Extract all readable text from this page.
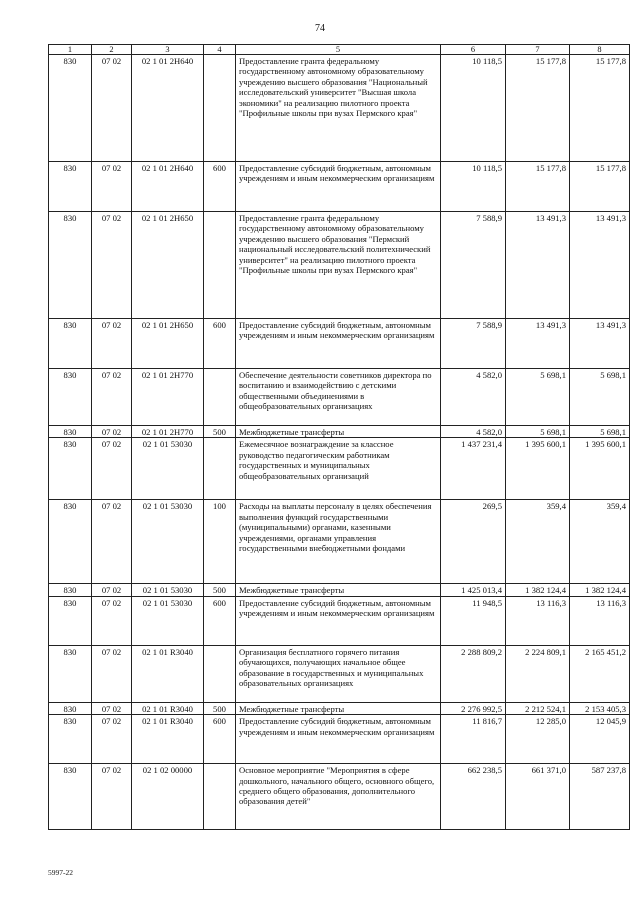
74
1	2	3	4	5	6	7	8
830	07 02	02 1 01 2Н640		Предоставление гранта федеральному государственному автономному образовательному учреждению высшего образования "Национальный исследовательский университет "Высшая школа экономики" на реализацию пилотного проекта "Профильные школы при вузах Пермского края"	10 118,5	15 177,8	15 177,8
830	07 02	02 1 01 2Н640	600	Предоставление субсидий бюджетным, автономным учреждениям и иным некоммерческим организациям	10 118,5	15 177,8	15 177,8
830	07 02	02 1 01 2Н650		Предоставление гранта федеральному государственному автономному образовательному учреждению высшего образования "Пермский национальный исследовательский политехнический университет" на реализацию пилотного проекта "Профильные школы при вузах Пермского края"	7 588,9	13 491,3	13 491,3
830	07 02	02 1 01 2Н650	600	Предоставление субсидий бюджетным, автономным учреждениям и иным некоммерческим организациям	7 588,9	13 491,3	13 491,3
830	07 02	02 1 01 2Н770		Обеспечение деятельности советников директора по воспитанию и взаимодействию с детскими общественными объединениями в общеобразовательных организациях	4 582,0	5 698,1	5 698,1
830	07 02	02 1 01 2Н770	500	Межбюджетные трансферты	4 582,0	5 698,1	5 698,1
830	07 02	02 1 01 53030		Ежемесячное вознаграждение за классное руководство педагогическим работникам государственных и муниципальных общеобразовательных организаций	1 437 231,4	1 395 600,1	1 395 600,1
830	07 02	02 1 01 53030	100	Расходы на выплаты персоналу в целях обеспечения выполнения функций государственными (муниципальными) органами, казенными учреждениями, органами управления государственными внебюджетными фондами	269,5	359,4	359,4
830	07 02	02 1 01 53030	500	Межбюджетные трансферты	1 425 013,4	1 382 124,4	1 382 124,4
830	07 02	02 1 01 53030	600	Предоставление субсидий бюджетным, автономным учреждениям и иным некоммерческим организациям	11 948,5	13 116,3	13 116,3
830	07 02	02 1 01 R3040		Организация бесплатного горячего питания обучающихся, получающих начальное общее образование в государственных и муниципальных образовательных организациях	2 288 809,2	2 224 809,1	2 165 451,2
830	07 02	02 1 01 R3040	500	Межбюджетные трансферты	2 276 992,5	2 212 524,1	2 153 405,3
830	07 02	02 1 01 R3040	600	Предоставление субсидий бюджетным, автономным учреждениям и иным некоммерческим организациям	11 816,7	12 285,0	12 045,9
830	07 02	02 1 02 00000		Основное мероприятие "Мероприятия в сфере дошкольного, начального общего, основного общего, среднего общего образования, дополнительного образования детей"	662 238,5	661 371,0	587 237,8
5997-22
